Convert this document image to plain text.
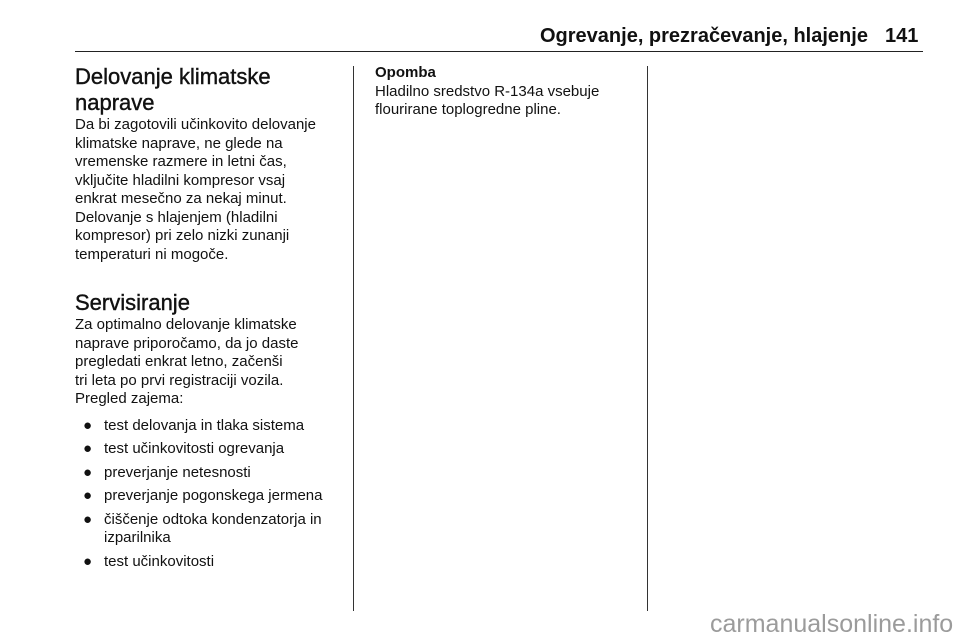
Ogrevanje, prezračevanje, hlajenje 141
Delovanje klimatske naprave

Da bi zagotovili učinkovito delovanje
klimatske naprave, ne glede na
vremenske razmere in letni čas,
vključite hladilni kompresor vsaj
enkrat mesečno za nekaj minut.
Delovanje s hlajenjem (hladilni
kompresor) pri zelo nizki zunanji
temperaturi ni mogoče.

Servisiranje

Za optimalno delovanje klimatske
naprave priporočamo, da jo daste
pregledati enkrat letno, začenši
tri leta po prvi registraciji vozila.
Pregled zajema:

● test delovanja in tlaka sistema
● test učinkovitosti ogrevanja
● preverjanje netesnosti
● preverjanje pogonskega jermena
● čiščenje odtoka kondenzatorja in izparilnika
● test učinkovitosti

Opomba

Hladilno sredstvo R-134a vsebuje
flourirane toplogredne pline.

carmanualsonline.info
